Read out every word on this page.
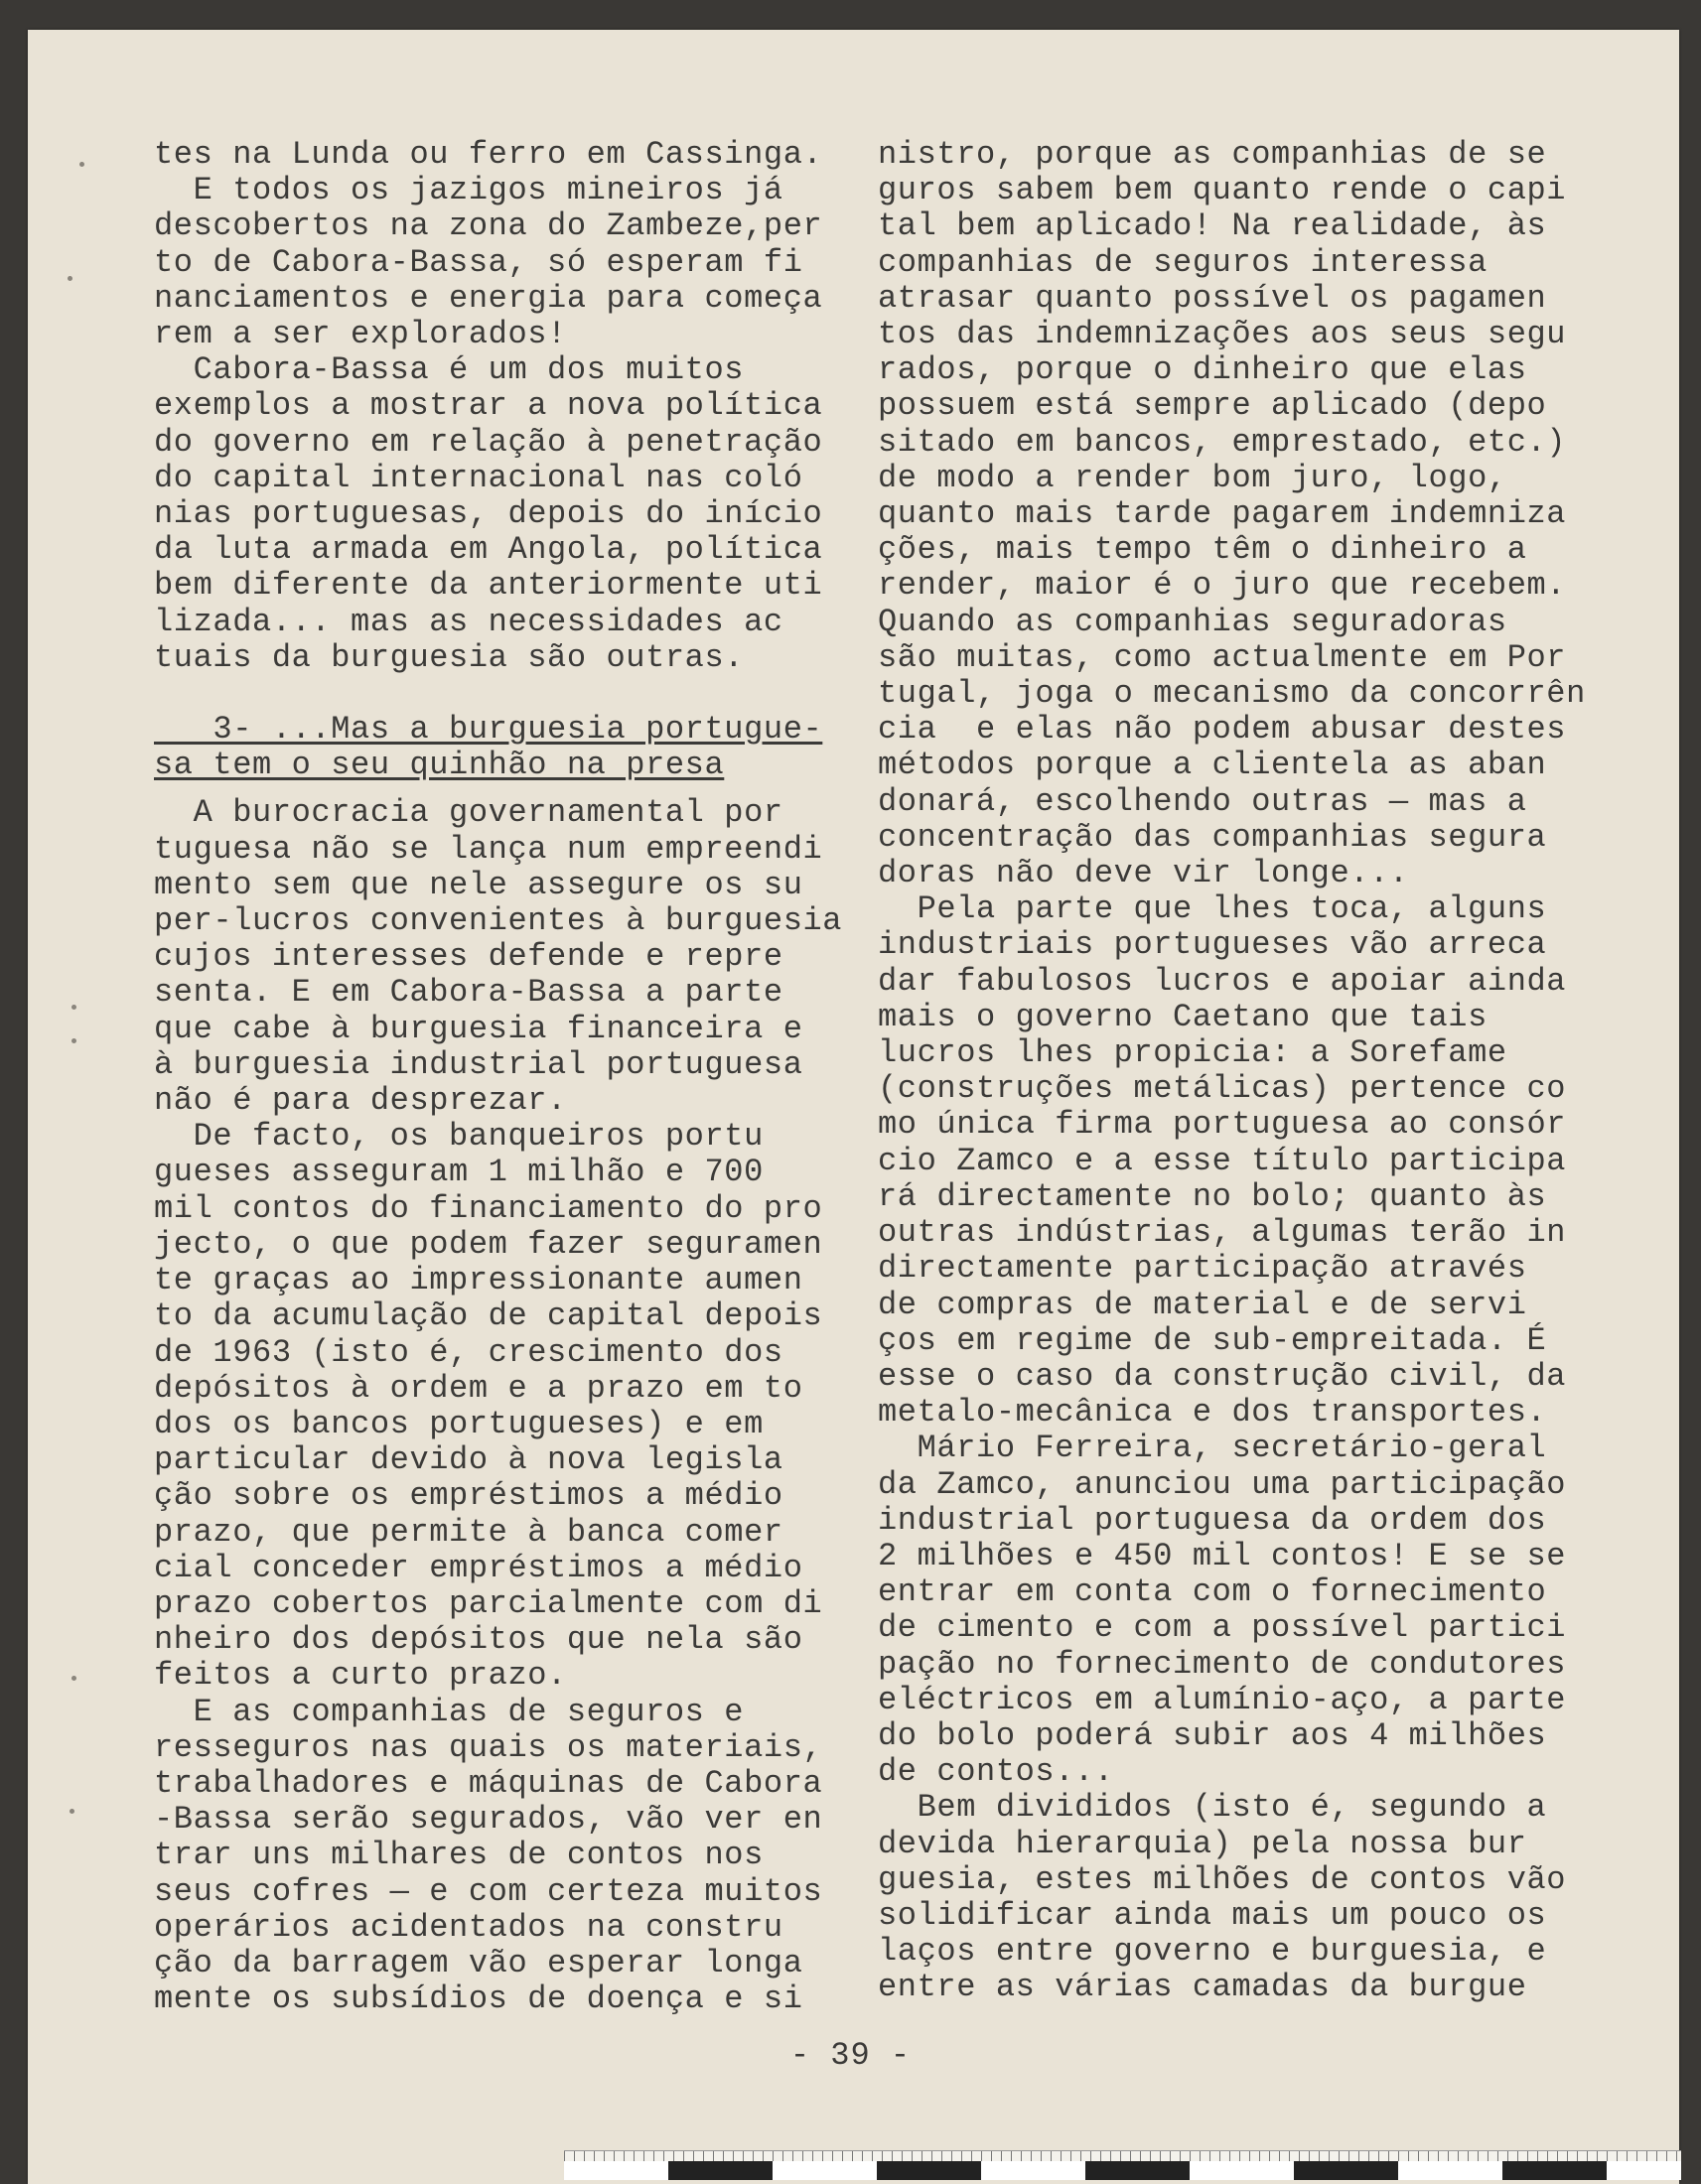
tes na Lunda ou ferro em Cassinga.

E todos os jazigos mineiros já

descobertos na zona do Zambeze,per

to de Cabora-Bassa, só esperam fi

nanciamentos e energia para começa

rem a ser explorados!

Cabora-Bassa é um dos muitos

exemplos a mostrar a nova política

do governo em relação à penetração

do capital internacional nas coló

nias portuguesas, depois do início

da luta armada em Angola, política

bem diferente da anteriormente uti

lizada... mas as necessidades ac

tuais da burguesia são outras.

3- ...Mas a burguesia portugue-
sa tem o seu quinhão na presa

A burocracia governamental por

tuguesa não se lança num empreendi

mento sem que nele assegure os su

per-lucros convenientes à burguesia

cujos interesses defende e repre

senta. E em Cabora-Bassa a parte

que cabe à burguesia financeira e

à burguesia industrial portuguesa

não é para desprezar.

De facto, os banqueiros portu

gueses asseguram 1 milhão e 700

mil contos do financiamento do pro

jecto, o que podem fazer seguramen

te graças ao impressionante aumen

to da acumulação de capital depois

de 1963 (isto é, crescimento dos

depósitos à ordem e a prazo em to

dos os bancos portugueses) e em

particular devido à nova legisla

ção sobre os empréstimos a médio

prazo, que permite à banca comer

cial conceder empréstimos a médio

prazo cobertos parcialmente com di

nheiro dos depósitos que nela são

feitos a curto prazo.

E as companhias de seguros e

resseguros nas quais os materiais,

trabalhadores e máquinas de Cabora

-Bassa serão segurados, vão ver en

trar uns milhares de contos nos

seus cofres — e com certeza muitos

operários acidentados na constru

ção da barragem vão esperar longa

mente os subsídios de doença e si

nistro, porque as companhias de se

guros sabem bem quanto rende o capi

tal bem aplicado! Na realidade, às

companhias de seguros interessa

atrasar quanto possível os pagamen

tos das indemnizações aos seus segu

rados, porque o dinheiro que elas

possuem está sempre aplicado (depo

sitado em bancos, emprestado, etc.)

de modo a render bom juro, logo,

quanto mais tarde pagarem indemniza

ções, mais tempo têm o dinheiro a

render, maior é o juro que recebem.

Quando as companhias seguradoras

são muitas, como actualmente em Por

tugal, joga o mecanismo da concorrên

cia  e elas não podem abusar destes

métodos porque a clientela as aban

donará, escolhendo outras — mas a

concentração das companhias segura

doras não deve vir longe...

Pela parte que lhes toca, alguns

industriais portugueses vão arreca

dar fabulosos lucros e apoiar ainda

mais o governo Caetano que tais

lucros lhes propicia: a Sorefame

(construções metálicas) pertence co

mo única firma portuguesa ao consór

cio Zamco e a esse título participa

rá directamente no bolo; quanto às

outras indústrias, algumas terão in

directamente participação através

de compras de material e de servi

ços em regime de sub-empreitada. É

esse o caso da construção civil, da

metalo-mecânica e dos transportes.

Mário Ferreira, secretário-geral

da Zamco, anunciou uma participação

industrial portuguesa da ordem dos

2 milhões e 450 mil contos! E se se

entrar em conta com o fornecimento

de cimento e com a possível partici

pação no fornecimento de condutores

eléctricos em alumínio-aço, a parte

do bolo poderá subir aos 4 milhões

de contos...

Bem divididos (isto é, segundo a

devida hierarquia) pela nossa bur

guesia, estes milhões de contos vão

solidificar ainda mais um pouco os

laços entre governo e burguesia, e

entre as várias camadas da burgue

- 39 -
